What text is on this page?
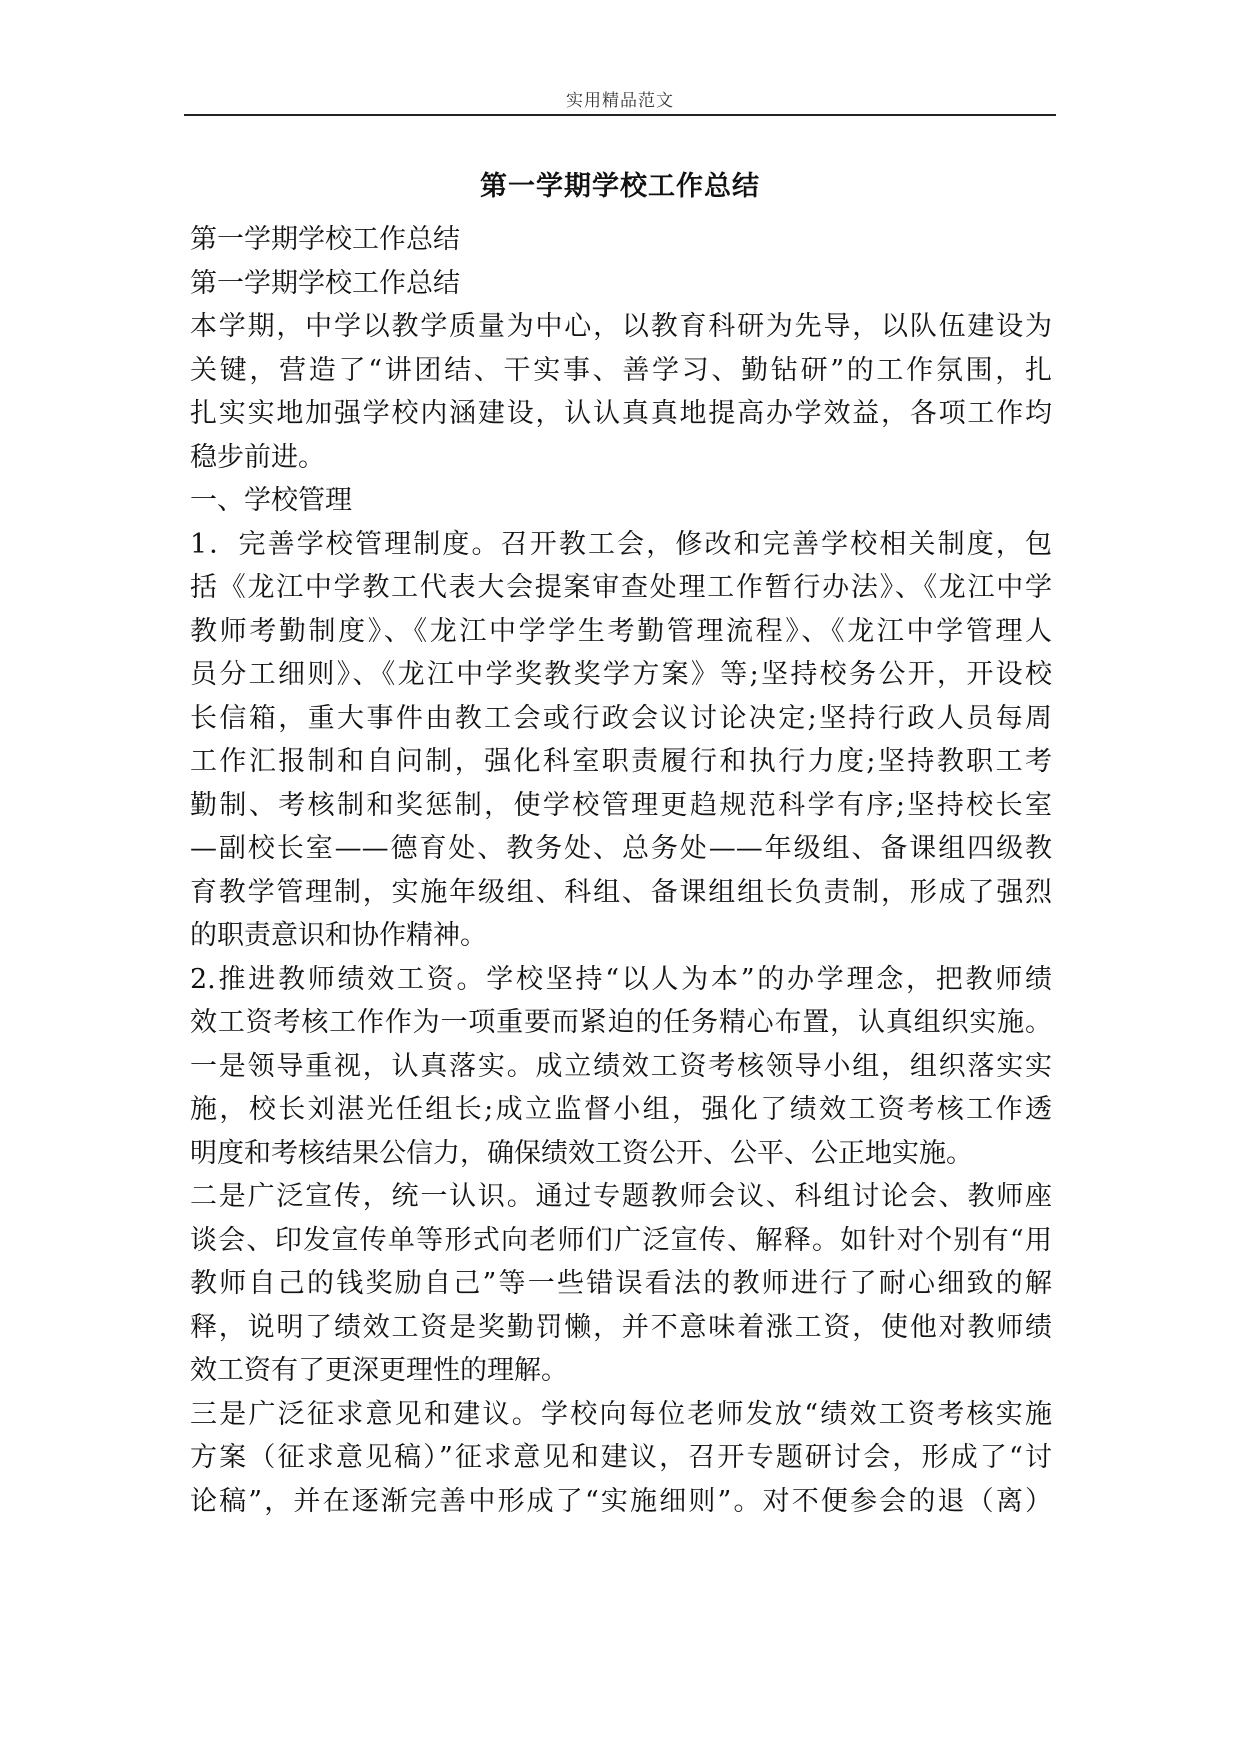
实用精品范文
第一学期学校工作总结
第一学期学校工作总结
第一学期学校工作总结
本学期，中学以教学质量为中心，以教育科研为先导，以队伍建设为
关键，营造了“讲团结、干实事、善学习、勤钻研”的工作氛围，扎
扎实实地加强学校内涵建设，认认真真地提高办学效益，各项工作均
稳步前进。
一、学校管理
1．完善学校管理制度。召开教工会，修改和完善学校相关制度，包
括《龙江中学教工代表大会提案审查处理工作暂行办法》、《龙江中学
教师考勤制度》、《龙江中学学生考勤管理流程》、《龙江中学管理人
员分工细则》、《龙江中学奖教奖学方案》等;坚持校务公开，开设校
长信箱，重大事件由教工会或行政会议讨论决定;坚持行政人员每周
工作汇报制和自问制，强化科室职责履行和执行力度;坚持教职工考
勤制、考核制和奖惩制，使学校管理更趋规范科学有序;坚持校长室
—副校长室——德育处、教务处、总务处——年级组、备课组四级教
育教学管理制，实施年级组、科组、备课组组长负责制，形成了强烈
的职责意识和协作精神。
2.推进教师绩效工资。学校坚持“以人为本”的办学理念，把教师绩
效工资考核工作作为一项重要而紧迫的任务精心布置，认真组织实施。
一是领导重视，认真落实。成立绩效工资考核领导小组，组织落实实
施，校长刘湛光任组长;成立监督小组，强化了绩效工资考核工作透
明度和考核结果公信力，确保绩效工资公开、公平、公正地实施。
二是广泛宣传，统一认识。通过专题教师会议、科组讨论会、教师座
谈会、印发宣传单等形式向老师们广泛宣传、解释。如针对个别有“用
教师自己的钱奖励自己”等一些错误看法的教师进行了耐心细致的解
释，说明了绩效工资是奖勤罚懒，并不意味着涨工资，使他对教师绩
效工资有了更深更理性的理解。
三是广泛征求意见和建议。学校向每位老师发放“绩效工资考核实施
方案（征求意见稿）”征求意见和建议，召开专题研讨会，形成了“讨
论稿”，并在逐渐完善中形成了“实施细则”。对不便参会的退（离）
